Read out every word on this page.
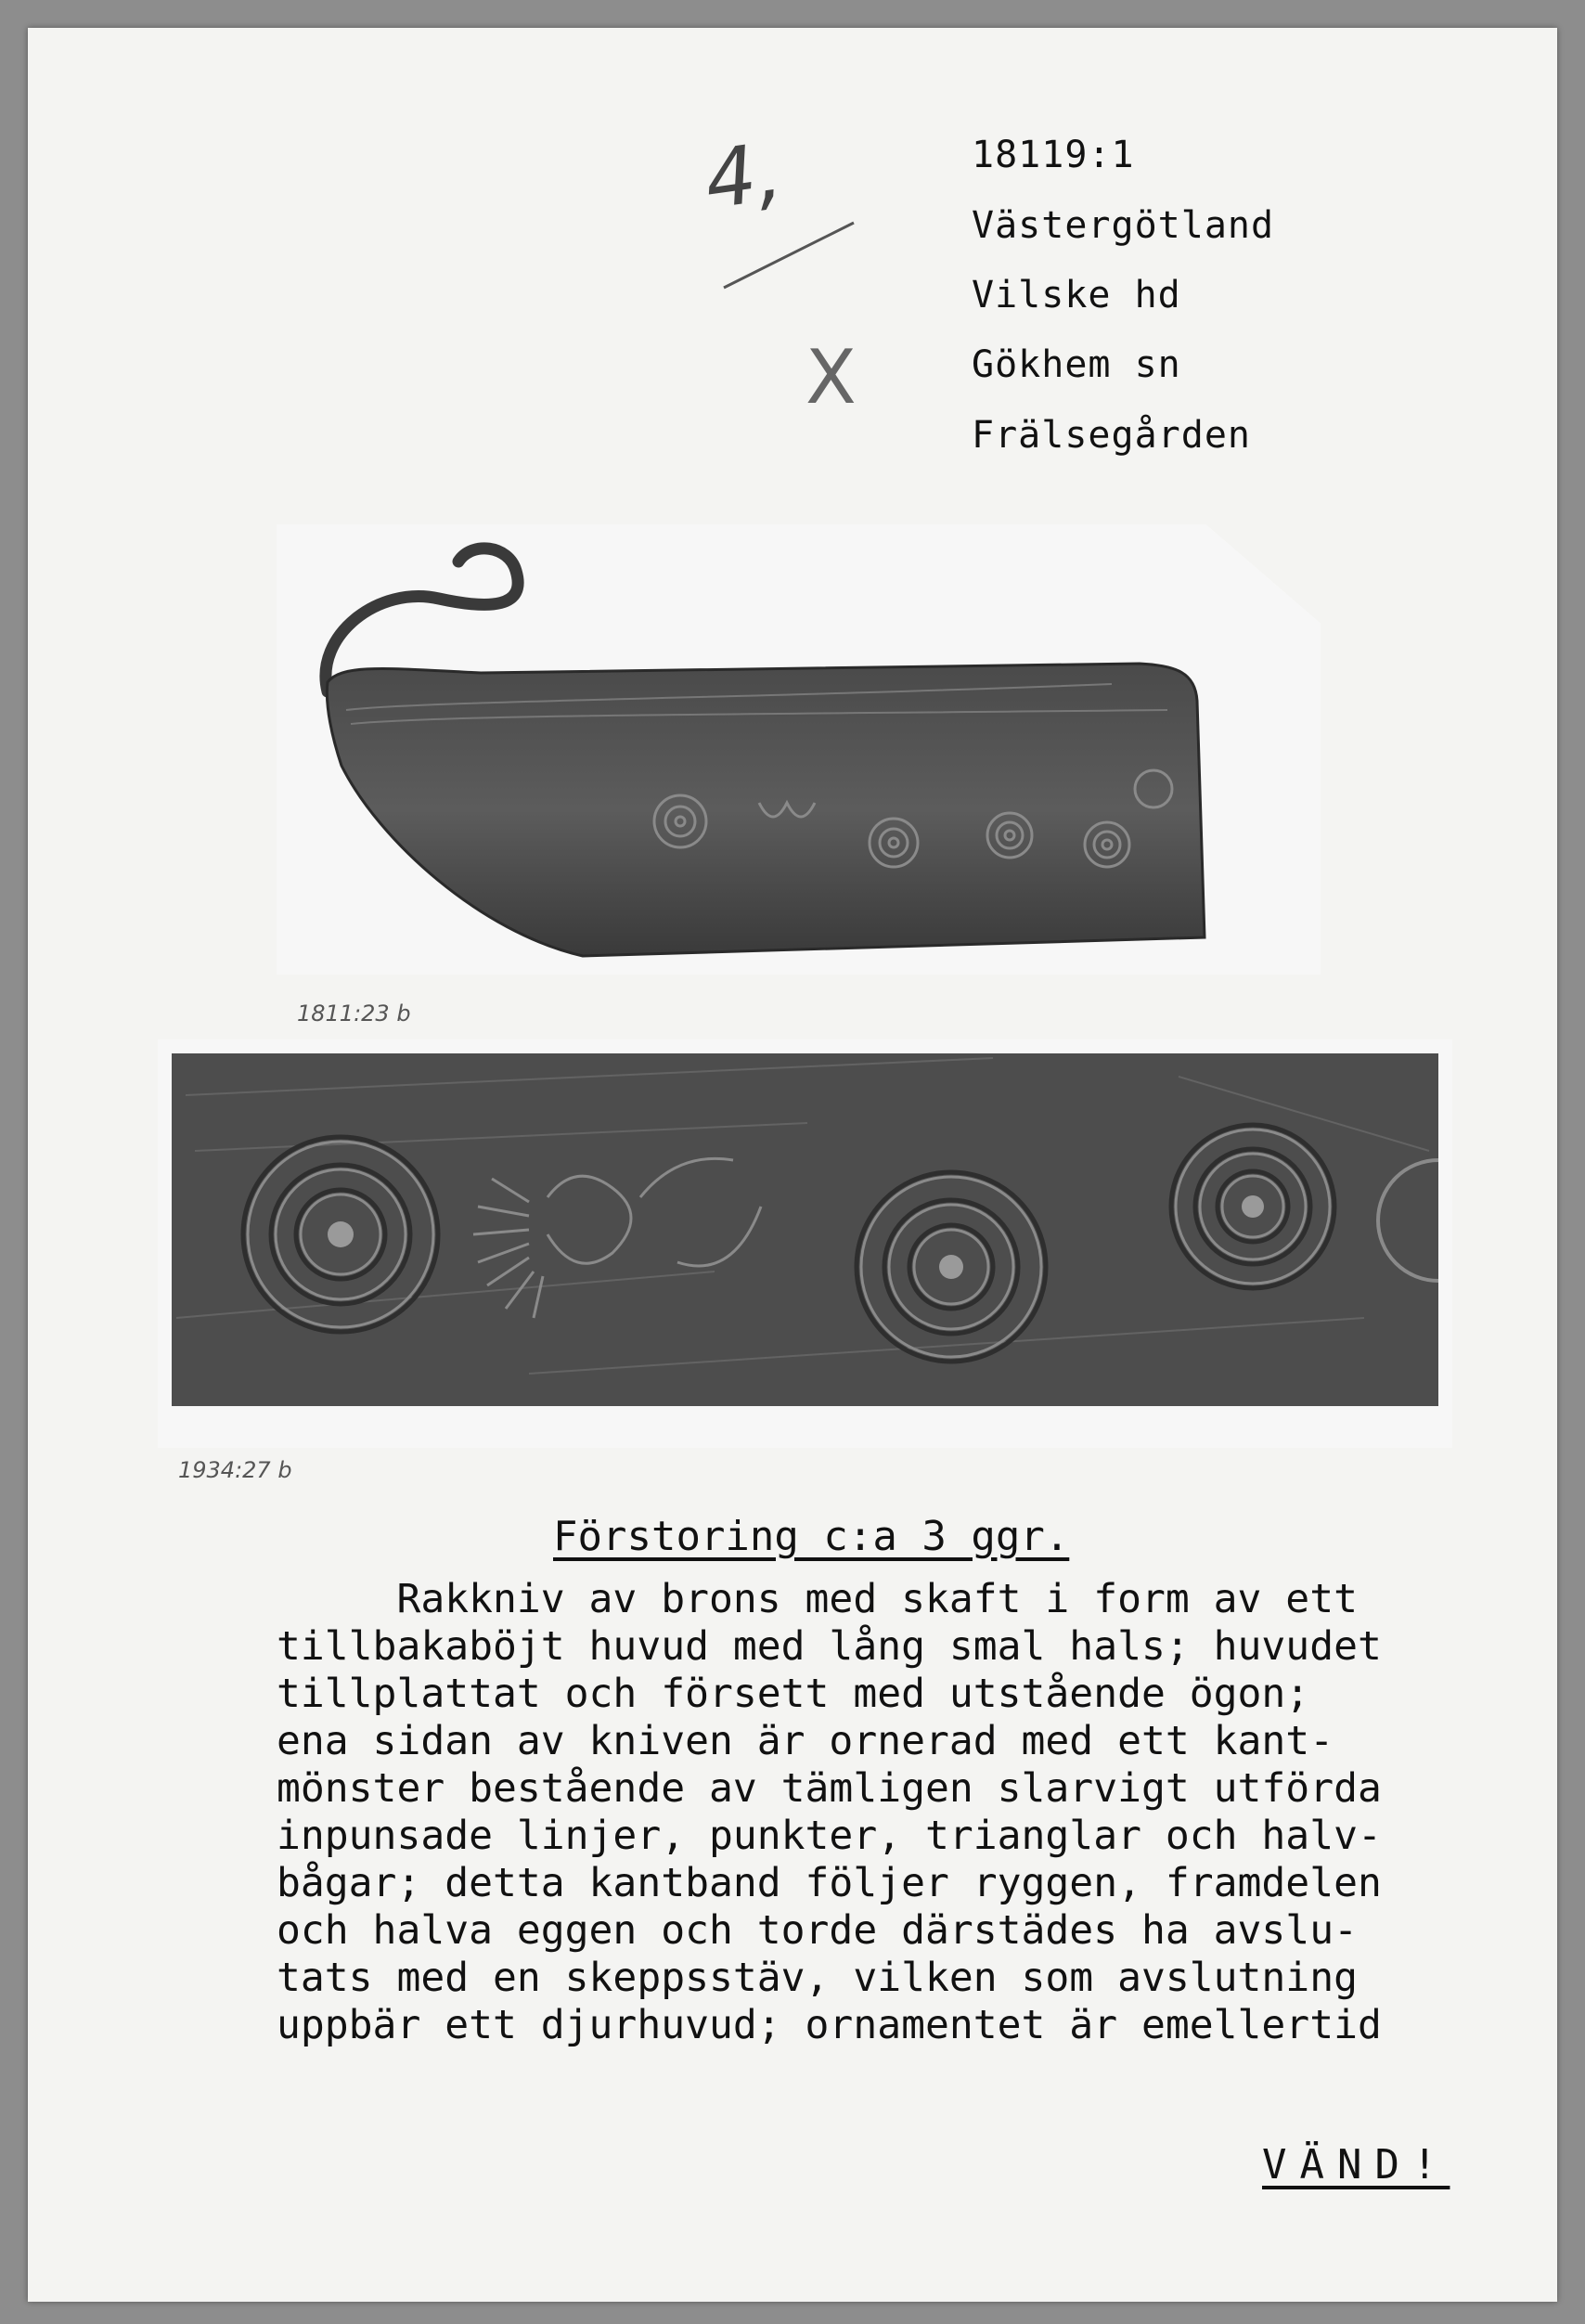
4,
X
18119:1
Västergötland
Vilske hd
Gökhem sn
Frälsegården
1811:23 b
1934:27 b
Förstoring c:a 3 ggr.
Rakkniv av brons med skaft i form av ett
tillbakaböjt huvud med lång smal hals; huvudet
tillplattat och försett med utstående ögon;
ena sidan av kniven är ornerad med ett kant-
mönster bestående av tämligen slarvigt utförda
inpunsade linjer, punkter, trianglar och halv-
bågar; detta kantband följer ryggen, framdelen
och halva eggen och torde därstädes ha avslu-
tats med en skeppsstäv, vilken som avslutning
uppbär ett djurhuvud; ornamentet är emellertid
VÄND!
